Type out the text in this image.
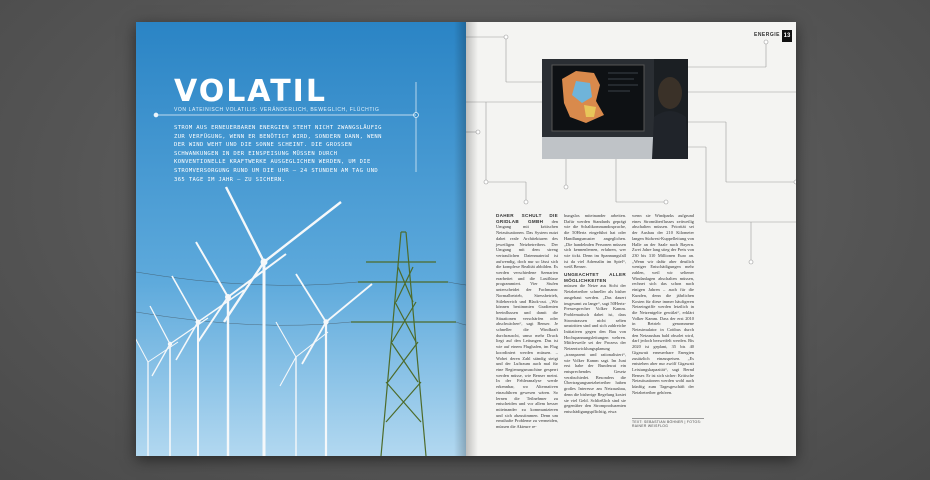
VOLATIL
VON LATEINISCH VOLATILIS: VERÄNDERLICH, BEWEGLICH, FLÜCHTIG
STROM AUS ERNEUERBAREN ENERGIEN STEHT NICHT ZWANGSLÄUFIG ZUR VERFÜGUNG, WENN ER BENÖTIGT WIRD, SONDERN DANN, WENN DER WIND WEHT UND DIE SONNE SCHEINT. DIE GROSSEN SCHWANKUNGEN IN DER EINSPEISUNG MÜSSEN DURCH KONVENTIONELLE KRAFTWERKE AUSGEGLICHEN WERDEN, UM DIE STROMVERSORGUNG RUND UM DIE UHR – 24 STUNDEN AM TAG UND 365 TAGE IM JAHR – ZU SICHERN.
ENERGIE 13
DAHER SCHULT DIE GRIDLAB GMBH den Umgang mit kritischen Netzsituationen. Das System nutzt dabei reale Architekturen des jeweiligen Netzbetreibers. Der Umgang mit dem streng vertraulichen Datenmaterial ist aufwendig, doch nur so lässt sich die komplexe Realität abbilden. Es werden verschiedene Szenarien erarbeitet und die Lastflüsse programmiert. Vier Stufen unterscheidet der Fachmann: Normalbetrieb, Stressbetrieb, Stilebereich und Black-out. „Wir können bestimmten Gradienten beeinflussen und damit die Situationen verschärfen oder abschwächen“, sagt Benser. Je schneller die Windkraft durchrauscht, umso mehr Druck liegt auf den Leitungen. Das ist wie auf einem Flughafen, im Flug koordiniert werden müssen. – Wobei deren Zahl ständig steigt und der Luftraum auch mal für eine Regierungsmaschine gesperrt werden müsse, wie Benser meint. In der Fehleranalyse werde erkennbar, wo Alternativen einzuführen gewesen wären. So lernen die Teilnehmer zu entscheiden und vor allem besser miteinander zu kommunizieren und sich abzustimmen. Denn um ernsthafte Probleme zu vermeiden, müssen die Akteure re-
bungslos miteinander arbeiten. Dafür werden Standards geprägt wie die Schaltkommandosprache, die 50Hertz eingeführt hat oder Handlungsmuster angeglichen. „Die handelnden Personen müssen sich kennenlernen, erfahren, wer wie tickt. Denn im Spannungsfall ist da viel Adrenalin im Spiel“, weiß Benser.
UNGEACHTET ALLER MÖGLICHKEITEN
müssen die Netze aus Sicht der Netzbetreiber schneller als bisher ausgebaut werden. „Das dauert insgesamt zu lange“, sagt 50Hertz-Pressesprecher Volker Kamm. Problematisch dabei ist, dass Stromtrassen nicht selten umstritten sind und sich zahlreiche Initiativen gegen den Bau von Hochspannungsleitungen wehren. Mittlerweile sei der Prozess der Netzentwicklungsplanung „transparent und rationalisiert“, wie Volker Kamm sagt. Im Juni erst habe der Bundesrat ein entsprechendes Gesetz verabschiedet. Besonders die Übertragungsnetzbetreiber haben großes Interesse am Netzausbau, denn die bisherige Regelung kostet sie viel Geld. Schließlich sind sie gegenüber den Stromproduzenten entschädigungspflichtig, etwa
wenn sie Windparks aufgrund eines Stromüberflusses zeitweilig abschalten müssen. Priorität sei der Ausbau der 210 Kilometer langen Südwest-Kuppelleitung von Halle an der Saale nach Bayern. Zwei Jahre lang stieg der Preis von 230 bis 310 Millionen Euro an. „Wenn wir dafür aber deutlich weniger Entschädigungen mehr zahlen, weil wir seltener Windanlagen abschalten müssen, rechnet sich das schon nach einigen Jahren – auch für die Kunden, denn die jährlichen Kosten für diese immer häufigeren Netzeingriffe werden letztlich in die Netzentgelte gewälzt“, erklärt Volker Kamm. Dass der erst 2010 in Betrieb genommene Netzsimulator in Cottbus durch den Netzausbau bald obsolet wird, darf jedoch bezweifelt werden. Bis 2020 ist geplant, 35 bis 40 Gigawatt erneuerbare Energien zusätzlich einzuspeisen. „Es entstehen aber nur zwölf Gigawatt Leistungskapazität“, sagt Bernd Benser. Er ist sich sicher: Kritische Netzsituationen werden wohl auch künftig zum Tagesgeschäft der Netzbetreiber gehören.
TEXT: SEBASTIAN BÖHNER | FOTOS: RAINER WEISFLOG
